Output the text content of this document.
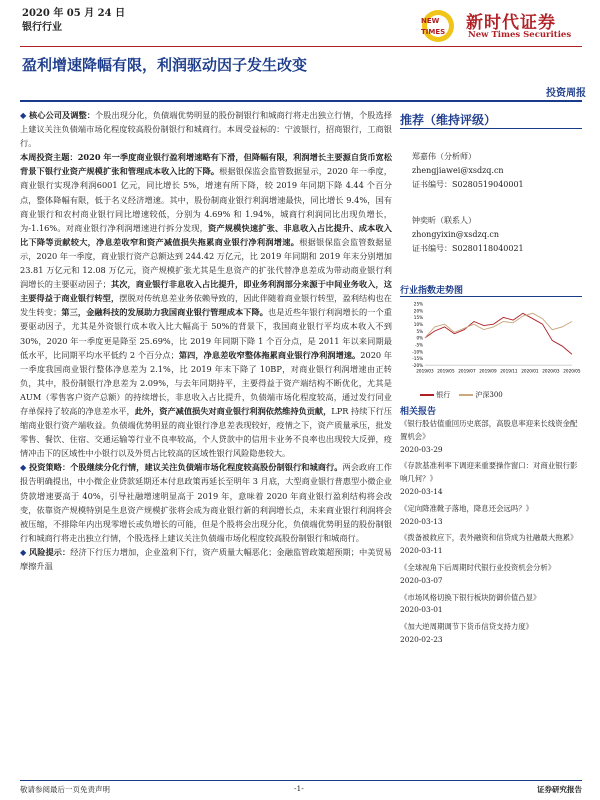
2020 年 05 月 24 日
银行行业
NEW
TIMES 新时代证券
New Times Securities
盈利增速降幅有限，利润驱动因子发生改变
投资周报

◆ 核心公司及调整：个股出现分化，负债端优势明显的股份制银行和城商行将走出独立行情，个股选择上建议关注负债端市场化程度较高股份制银行和城商行。本周受益标的：宁波银行，招商银行，工商银行。

本周投资主题：2020 年一季度商业银行盈利增速略有下滑，但降幅有限，利润增长主要源自货币宽松背景下银行业资产规模扩张和管理成本收入比的下降。根据银保监会监管数据显示，2020 年一季度，商业银行实现净利润6001 亿元，同比增长 5%，增速有所下降，较 2019 年同期下降 4.44 个百分点，整体降幅有限，低于名义经济增速。其中，股份制商业银行利润增速最快，同比增长 9.4%，国有商业银行和农村商业银行同比增速较低，分别为 4.69% 和 1.94%，城商行利润同比出现负增长，为-1.16%。对商业银行净利润增速进行拆分发现，资产规模快速扩张、非息收入占比提升、成本收入比下降等贡献较大，净息差收窄和资产减值损失拖累商业银行净利润增速。根据银保监会监管数据显示，2020 年一季度，商业银行资产总额达到 244.42 万亿元，比 2019 年同期和 2019 年末分别增加 23.81 万亿元和 12.08 万亿元，资产规模扩张尤其是生息资产的扩张代替净息差成为带动商业银行利润增长的主要驱动因子；其次，商业银行非息收入占比提升，即业务利润部分来源于中间业务收入，这主要得益于商业银行转型，摆脱对传统息差业务依赖导致的，因此伴随着商业银行转型，盈利结构也在发生转变；第三，金融科技的发展助力我国商业银行管理成本下降。也是近些年银行利润增长的一个重要驱动因子，尤其是外资银行成本收入比大幅高于 50%的背景下，我国商业银行平均成本收入不到 30%，2020 年一季度更是降至 25.69%，比 2019 年同期下降 1 个百分点，是 2011 年以来同期最低水平，比同期平均水平低约 2 个百分点；第四，净息差收窄整体拖累商业银行净利润增速。2020 年一季度我国商业银行整体净息差为 2.1%，比 2019 年末下降了 10BP，对商业银行利润增速由正转负，其中，股份制银行净息差为 2.09%，与去年同期持平，主要得益于资产端结构不断优化，尤其是 AUM（零售客户资产总额）的持续增长，非息收入占比提升，负债端市场化程度较高，通过发行同业存单保持了较高的净息差水平，此外，资产减值损失对商业银行利润依然维持负贡献，LPR 持续下行压缩商业银行资产端收益。负债端优势明显的商业银行净息差表现较好，疫情之下，资产质量承压，批发零售、餐饮、住宿、交通运输等行业不良率较高，个人贷款中的信用卡业务不良率也出现较大反弹，疫情冲击下的区域性中小银行以及外贸占比较高的区域性银行风险隐患较大。

◆ 投资策略：个股继续分化行情，建议关注负债端市场化程度较高股份制银行和城商行。两会政府工作报告明确提出，中小微企业贷款延期还本付息政策再延长至明年 3 月底，大型商业银行普惠型小微企业贷款增速要高于 40%，引导社融增速明显高于 2019 年，意味着 2020 年商业银行盈利结构将会改变，依靠资产规模特别是生息资产规模扩张将会成为商业银行新的利润增长点，未来商业银行利润将会被压缩，不排除年内出现零增长或负增长的可能，但是个股将会出现分化，负债端优势明显的股份制银行和城商行将走出独立行情，个股选择上建议关注负债端市场化程度较高股份制银行和城商行。

◆ 风险提示：经济下行压力增加，企业盈利下行，资产质量大幅恶化；金融监管政策超预期；中美贸易摩擦升温

推荐（维持评级）
郑嘉伟（分析师）
zhengjiawei@xsdzq.cn
证书编号：S0280519040001
钟奕昕（联系人）
zhongyixin@xsdzq.cn
证书编号：S0280118040021
行业指数走势图
25%
20%
15%
10%
5%
0%
-5%
-10%
-15%
-20%
2019/03 2019/05 2019/07 2019/09 2019/11 2020/01 2020/03 2020/05
银行	沪深300
相关报告
《银行股估值重回历史底部，高股息率迎来长线资金配置机会》
2020-03-29
《存款基准利率下调迎来重要操作窗口：对商业银行影响几何？》
2020-03-14
《定向降准靴子落地，降息还会远吗？》
2020-03-13
《拨备被救应下，表外融资和信贷成为社融最大拖累》
2020-03-11
《全球视角下后周期时代银行业投资机会分析》
2020-03-07
《市场风格切换下银行板块防御价值凸显》
2020-03-01
《加大逆周期调节下货币信贷支持力度》
2020-02-23
敬请参阅最后一页免责声明	-1-	证券研究报告
